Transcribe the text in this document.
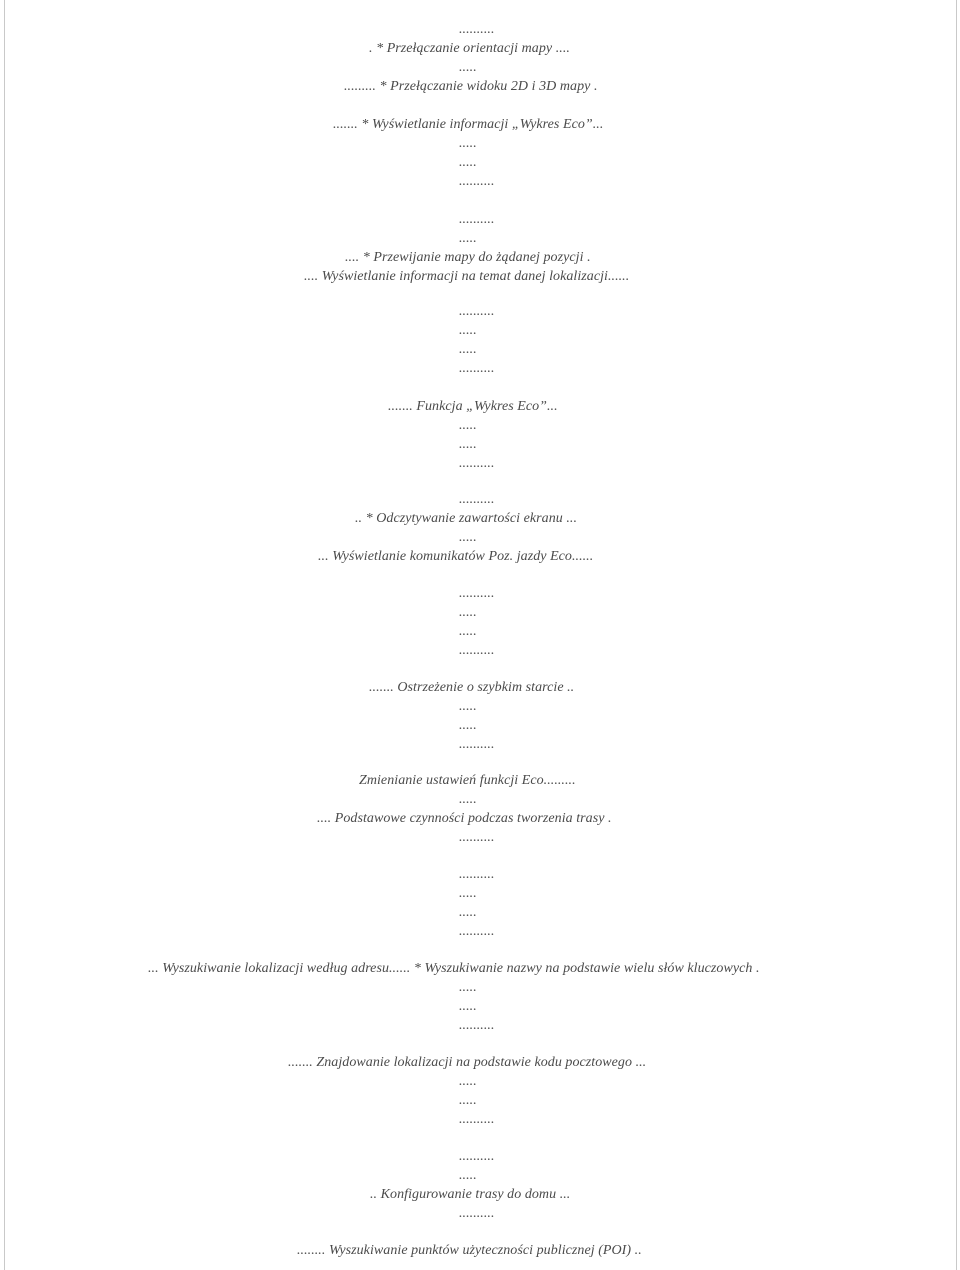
..........
. * Przełączanie orientacji mapy ....
.....
......... * Przełączanie widoku 2D i 3D mapy .
....... * Wyświetlanie informacji „Wykres Eco”...
.....
.....
..........
..........
.....
.... * Przewijanie mapy do żądanej pozycji .
.... Wyświetlanie informacji na temat danej lokalizacji......
..........
.....
.....
..........
....... Funkcja „Wykres Eco”...
.....
.....
..........
..........
.. * Odczytywanie zawartości ekranu ...
.....
... Wyświetlanie komunikatów Poz. jazdy Eco......
..........
.....
.....
..........
....... Ostrzeżenie o szybkim starcie ..
.....
.....
..........
Zmienianie ustawień funkcji Eco.........
.....
.... Podstawowe czynności podczas tworzenia trasy .
..........
..........
.....
.....
..........
... Wyszukiwanie lokalizacji według adresu...... * Wyszukiwanie nazwy na podstawie wielu słów kluczowych .
.....
.....
..........
....... Znajdowanie lokalizacji na podstawie kodu pocztowego ...
.....
.....
..........
..........
.....
.. Konfigurowanie trasy do domu ...
..........
........ Wyszukiwanie punktów użyteczności publicznej (POI) ..
